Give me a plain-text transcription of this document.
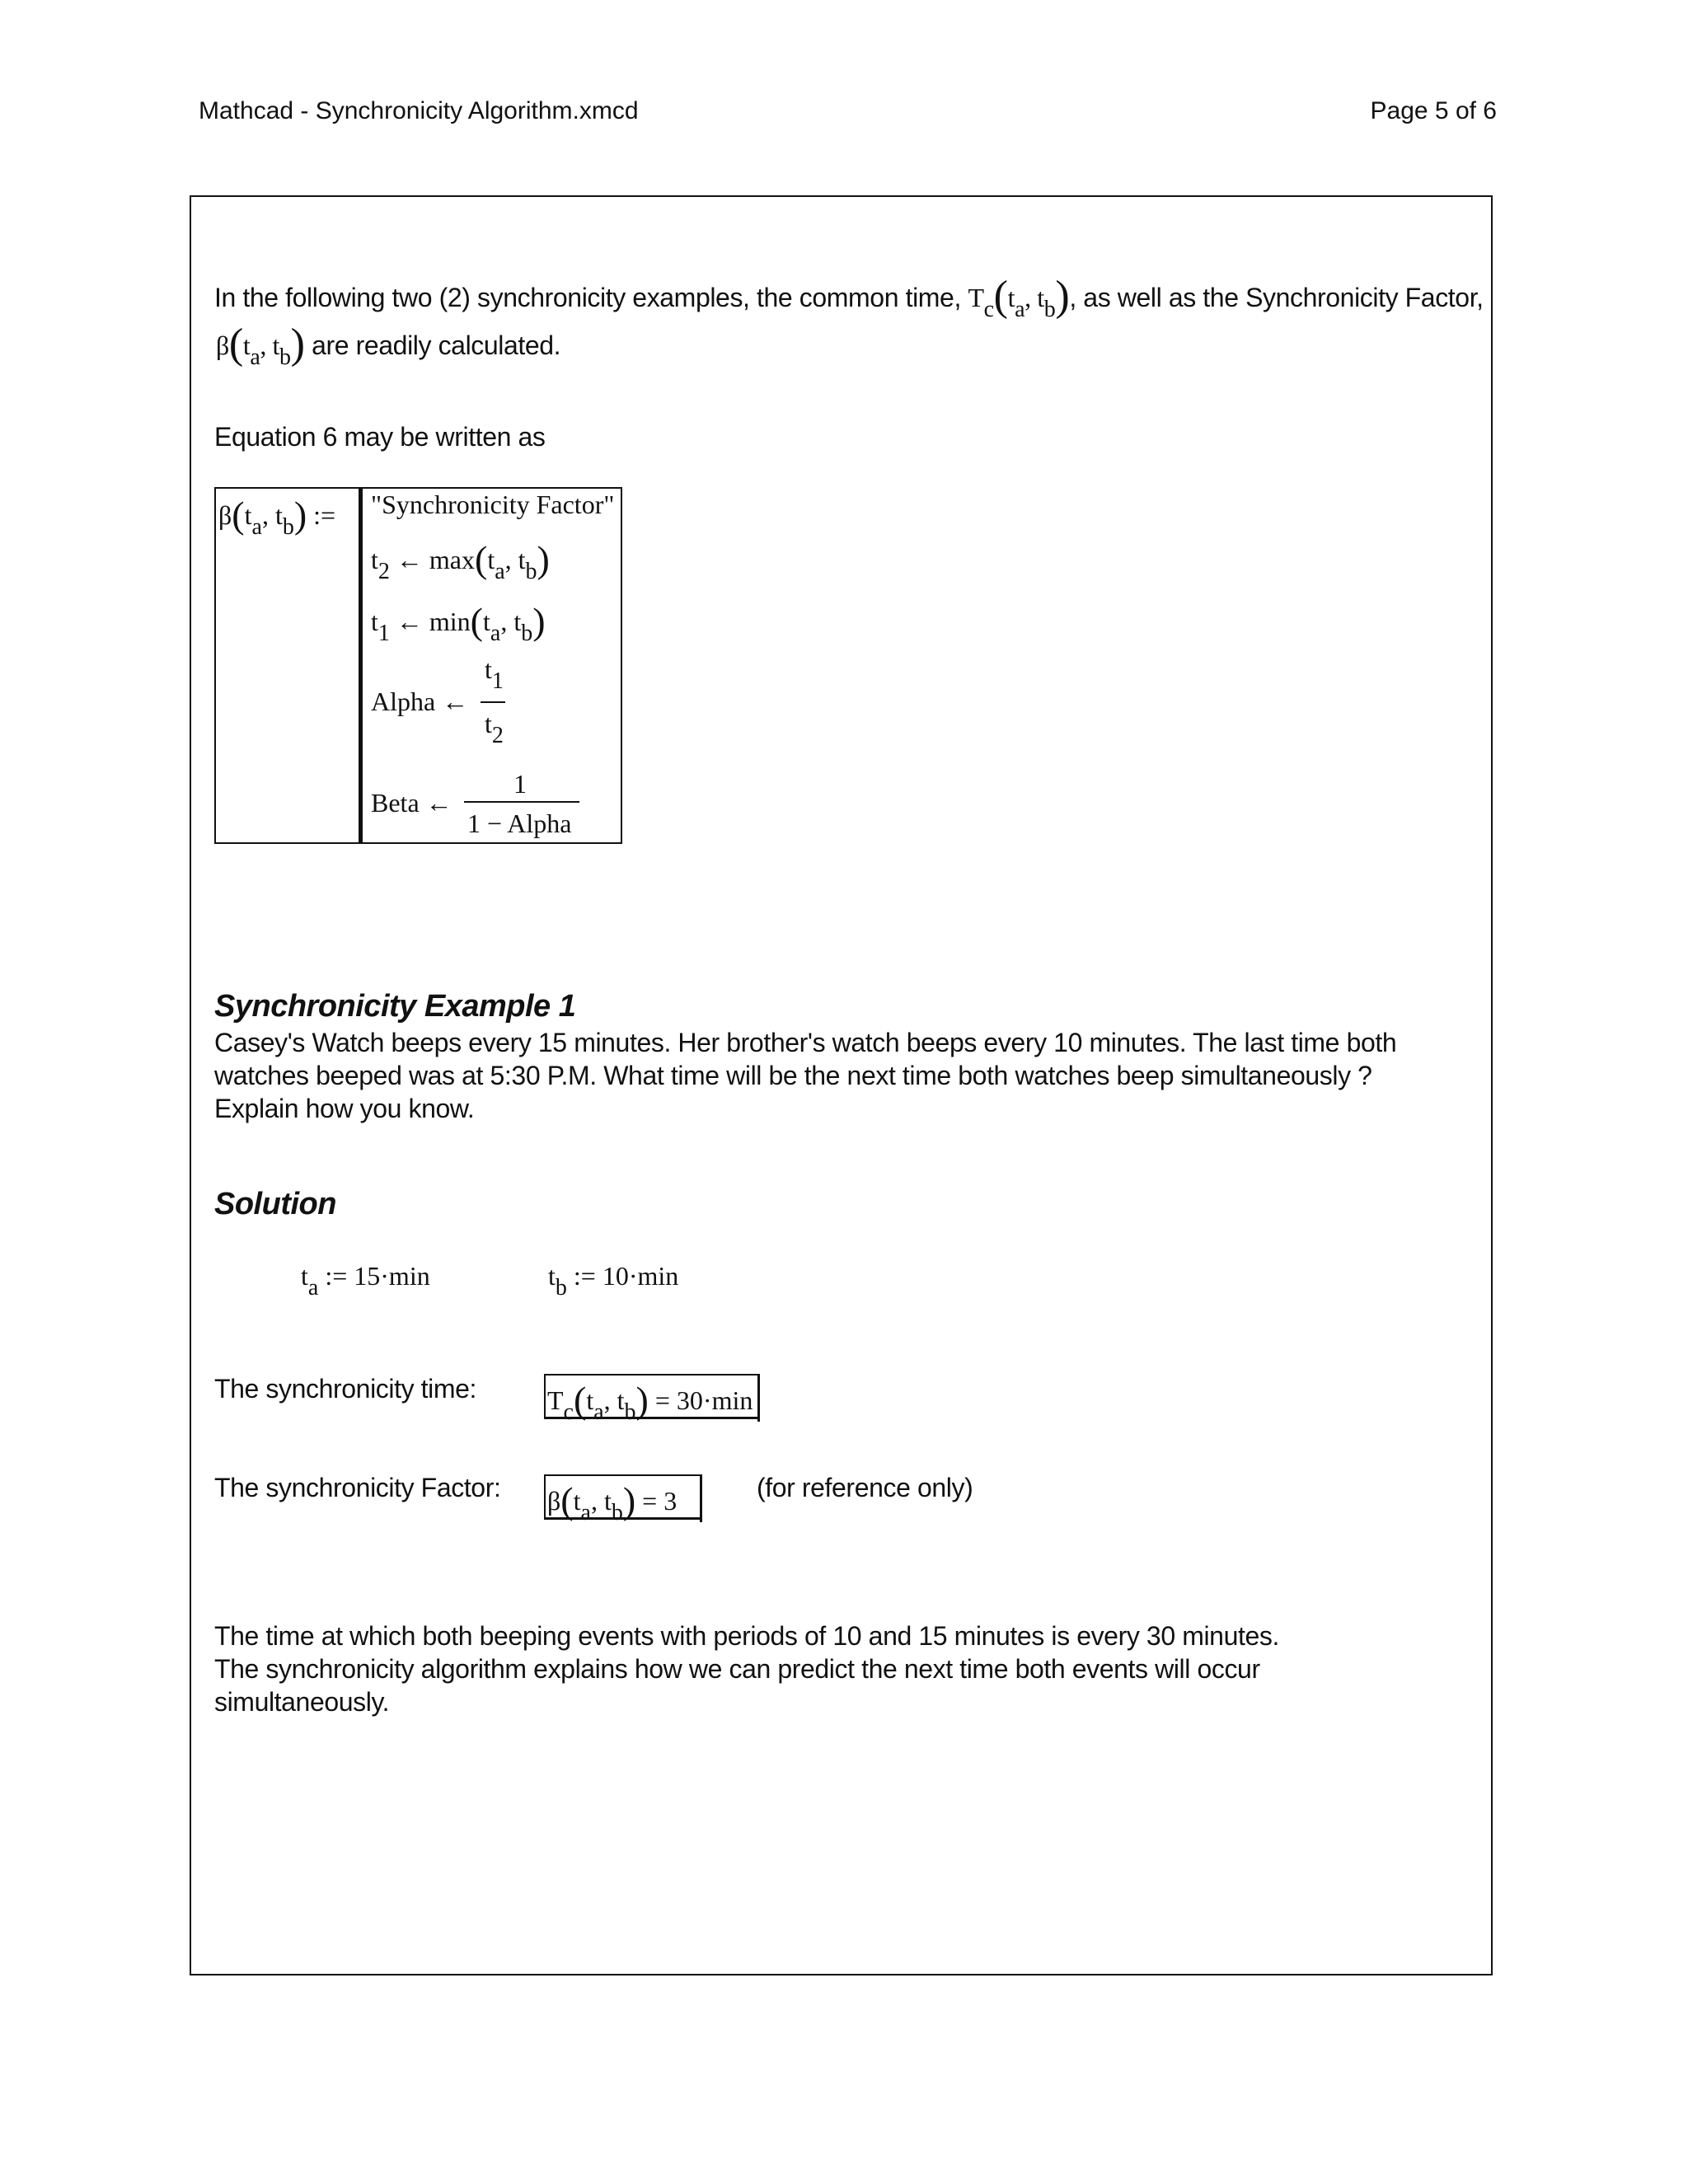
Mathcad - Synchronicity Algorithm.xmcd	Page 5 of 6
In the following two (2) synchronicity examples, the common time, Tc(ta, tb), as well as the Synchronicity Factor,
β(ta, tb) are readily calculated.
Equation 6 may be written as
β(ta, tb) := "Synchronicity Factor"
t2 ← max(ta, tb)
t1 ← min(ta, tb)
Alpha ←
t1
t2
Beta ←
1
1 − Alpha
Synchronicity Example 1
Casey's Watch beeps every 15 minutes. Her brother's watch beeps every 10 minutes. The last time both
watches beeped was at 5:30 P.M. What time will be the next time both watches beep simultaneously ?
Explain how you know.
Solution
ta := 15·min	tb := 10·min
The synchronicity time:	Tc(ta, tb) = 30·min
The synchronicity Factor: β(ta, tb) = 3	(for reference only)
The time at which both beeping events with periods of 10 and 15 minutes is every 30 minutes.
The synchronicity algorithm explains how we can predict the next time both events will occur
simultaneously.
